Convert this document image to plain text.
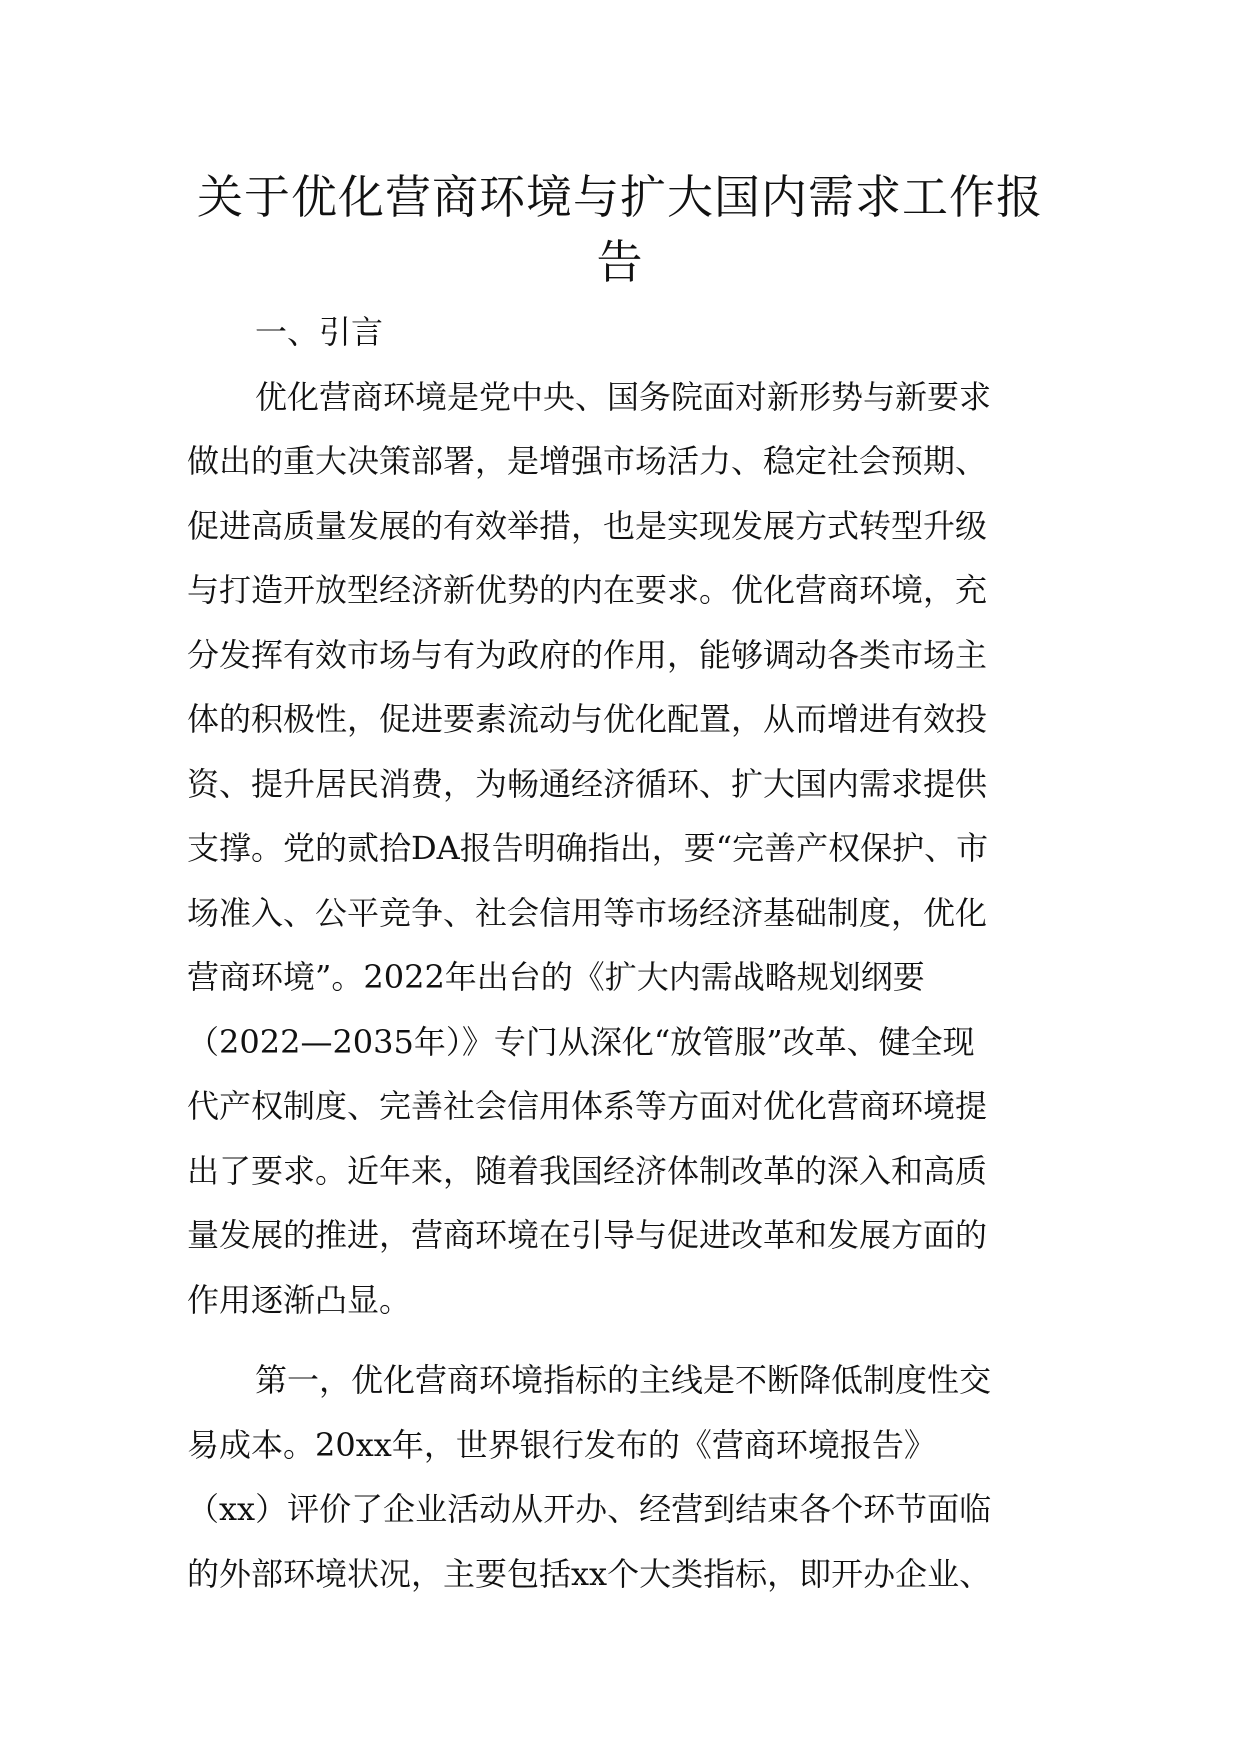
关于优化营商环境与扩大国内需求工作报
告
一、引言
优化营商环境是党中央、国务院面对新形势与新要求
做出的重大决策部署，是增强市场活力、稳定社会预期、
促进高质量发展的有效举措，也是实现发展方式转型升级
与打造开放型经济新优势的内在要求。优化营商环境，充
分发挥有效市场与有为政府的作用，能够调动各类市场主
体的积极性，促进要素流动与优化配置，从而增进有效投
资、提升居民消费，为畅通经济循环、扩大国内需求提供
支撑。党的贰拾DA报告明确指出，要“完善产权保护、市
场准入、公平竞争、社会信用等市场经济基础制度，优化
营商环境”。2022年出台的《扩大内需战略规划纲要
（2022—2035年）》专门从深化“放管服”改革、健全现
代产权制度、完善社会信用体系等方面对优化营商环境提
出了要求。近年来，随着我国经济体制改革的深入和高质
量发展的推进，营商环境在引导与促进改革和发展方面的
作用逐渐凸显。
第一，优化营商环境指标的主线是不断降低制度性交
易成本。20xx年，世界银行发布的《营商环境报告》
（xx）评价了企业活动从开办、经营到结束各个环节面临
的外部环境状况，主要包括xx个大类指标，即开办企业、
